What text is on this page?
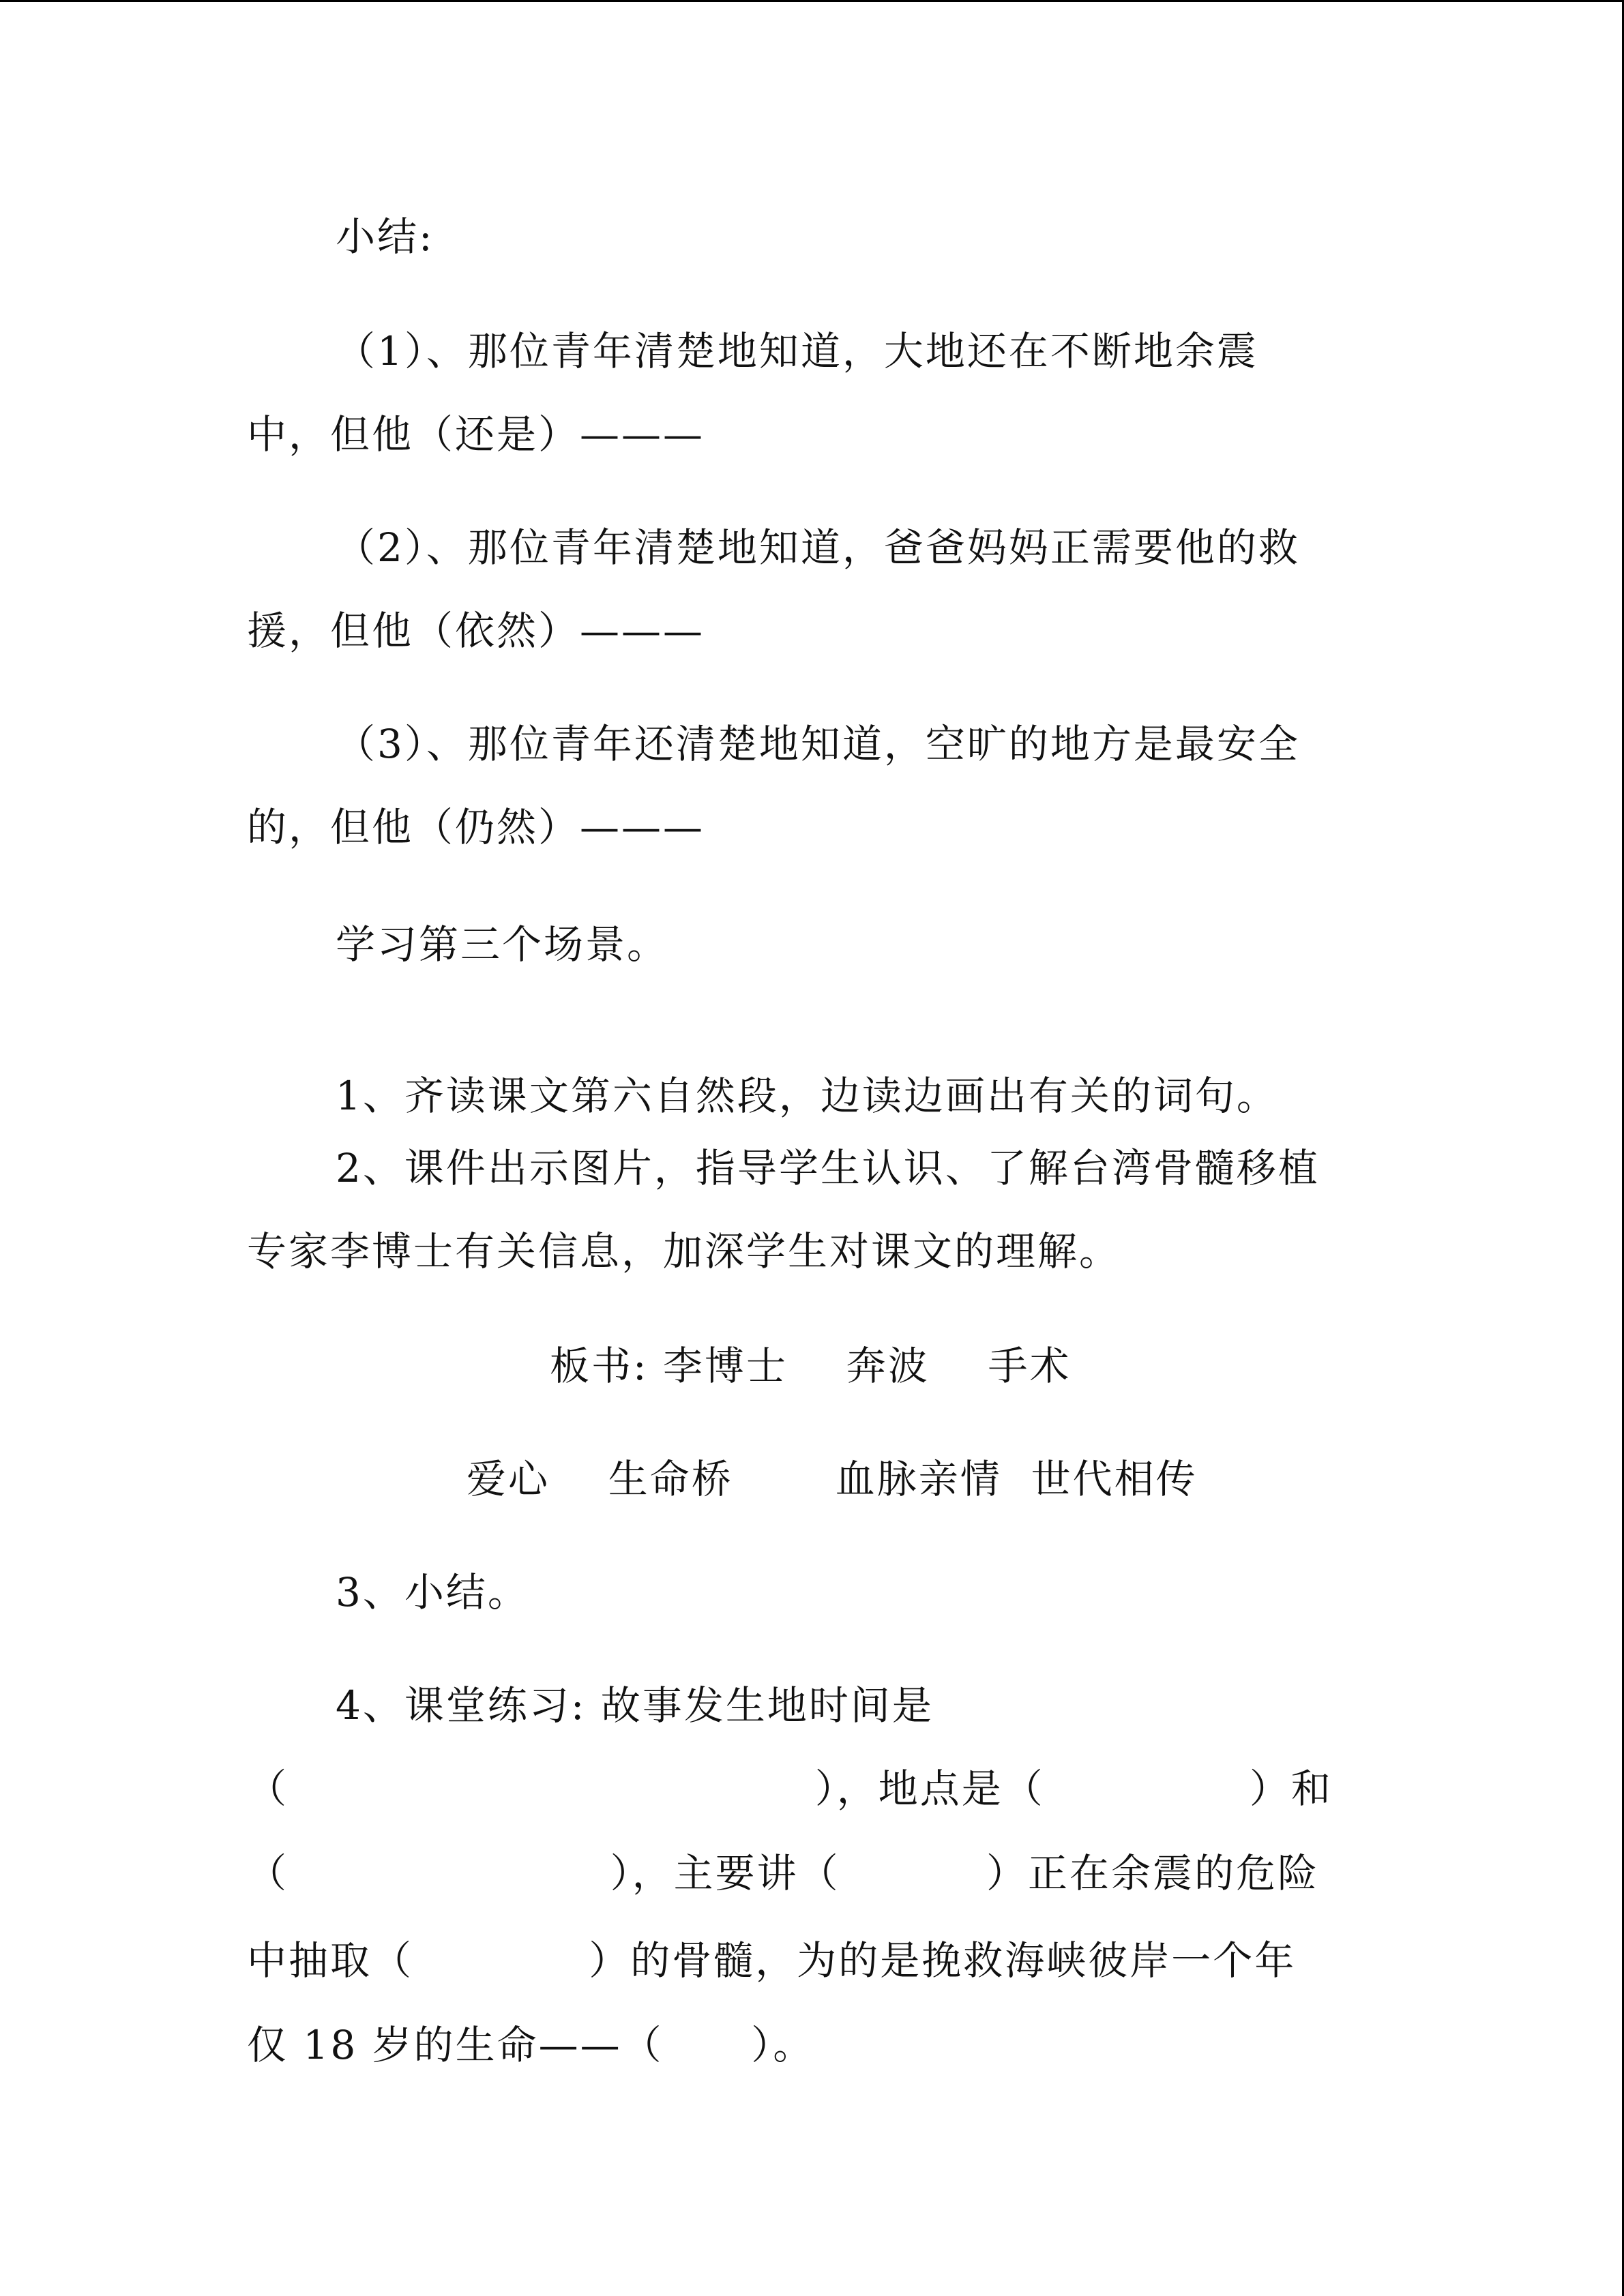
小结:
（1）、那位青年清楚地知道，大地还在不断地余震
中，但他（还是）———
（2）、那位青年清楚地知道，爸爸妈妈正需要他的救
援，但他（依然）———
（3）、那位青年还清楚地知道，空旷的地方是最安全
的，但他（仍然）———
学习第三个场景。
1、齐读课文第六自然段，边读边画出有关的词句。
2、课件出示图片，指导学生认识、了解台湾骨髓移植
专家李博士有关信息，加深学生对课文的理解。
板书: 李博士    奔波    手术
爱心    生命桥       血脉亲情  世代相传
3、小结。
4、课堂练习: 故事发生地时间是
（                                    ），地点是（              ）和
（                      ），主要讲（          ）正在余震的危险
中抽取（            ）的骨髓，为的是挽救海峡彼岸一个年
仅 18 岁的生命——（      ）。
